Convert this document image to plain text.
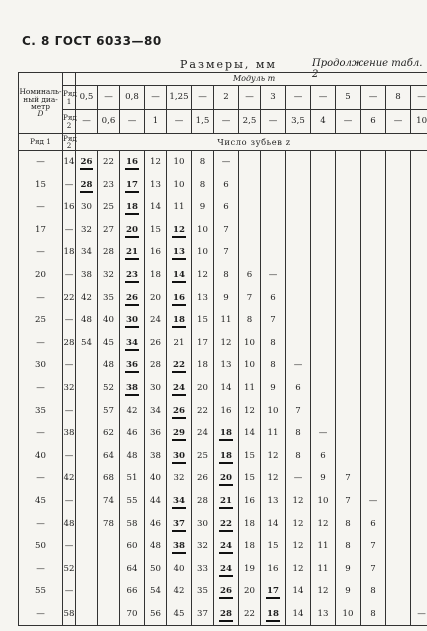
С. 8 ГОСТ 6033—80
Размеры, мм	Продолжение табл. 2
Номиналь-
ный диа-
метр
D		Модуль m														
	Ряд 1	0,5	—	0,8	—	1,25	—	2	—	3	—	—	5	—	8	—
	Ряд 2	—	0,6	—	1	—	1,5	—	2,5	—	3,5	4	—	6	—	10
Ряд 1	Ряд 2	Число зубьев z														
—	14	26	22	16	12	10	8	—								
15	—	28	23	17	13	10	8	6								
—	16	30	25	18	14	11	9	6								
17	—	32	27	20	15	12	10	7								
—	18	34	28	21	16	13	10	7								
20	—	38	32	23	18	14	12	8	6	—						
—	22	42	35	26	20	16	13	9	7	6						
25	—	48	40	30	24	18	15	11	8	7						
—	28	54	45	34	26	21	17	12	10	8						
30	—		48	36	28	22	18	13	10	8	—					
—	32		52	38	30	24	20	14	11	9	6					
35	—		57	42	34	26	22	16	12	10	7					
—	38		62	46	36	29	24	18	14	11	8	—				
40	—		64	48	38	30	25	18	15	12	8	6				
—	42		68	51	40	32	26	20	15	12	—	9	7			
45	—		74	55	44	34	28	21	16	13	12	10	7	—		
—	48		78	58	46	37	30	22	18	14	12	12	8	6		
50	—			60	48	38	32	24	18	15	12	11	8	7		
—	52			64	50	40	33	24	19	16	12	11	9	7		
55	—			66	54	42	35	26	20	17	14	12	9	8		
—	58			70	56	45	37	28	22	18	14	13	10	8		—
